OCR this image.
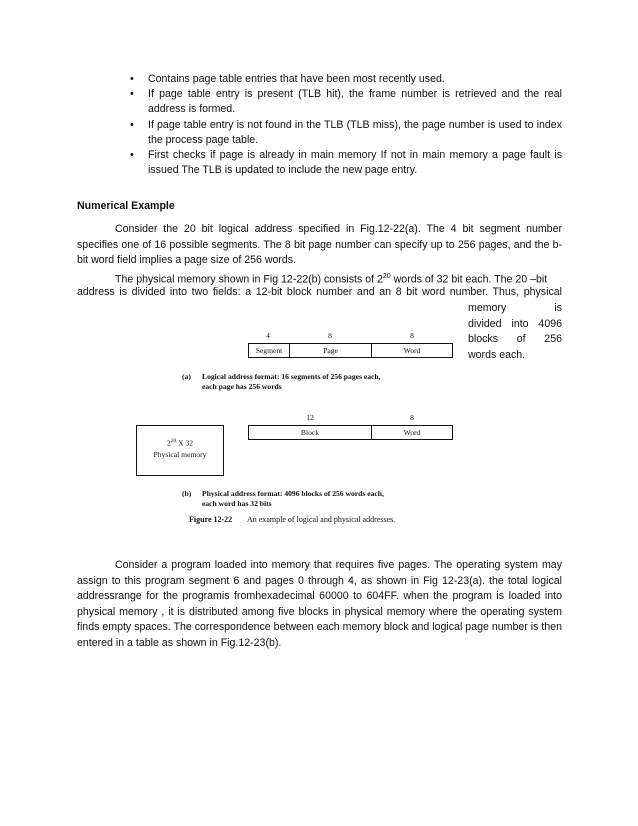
• Contains page table entries that have been most recently used.
• If page table entry is present (TLB hit), the frame number is retrieved and the real address is formed.
• If page table entry is not found in the TLB (TLB miss), the page number is used to index the process page table.
• First checks if page is already in main memory If not in main memory a page fault is issued The TLB is updated to include the new page entry.
Numerical Example

Consider the 20 bit logical address specified in Fig.12-22(a). The 4 bit segment number specifies one of 16 possible segments. The 8 bit page number can specify up to 256 pages, and the b-bit word field implies a page size of 256 words.

The physical memory shown in Fig 12-22(b) consists of $2^{20}$ words of 32 bit each. The 20 –bit
address is divided into two fields: a 12-bit block number and an 8 bit word number. Thus, physical
memory is
divided into 4096
blocks of 256
words each.
4	8	8
Segment	Page	Word
(a) Logical address format: 16 segments of 256 pages each,
each page has 256 words
12	8
Block	Word
$2^{20}$ X 32
Physical memory
(b) Physical address format: 4096 blocks of 256 words each,
each word has 32 bits
Figure 12-22 An example of logical and physical addresses.

Consider a program loaded into memory that requires five pages. The operating system may assign to this program segment 6 and pages 0 through 4, as shown in Fig 12-23(a). the total logical addressrange for the programis fromhexadecimal 60000 to 604FF. when the program is loaded into physical memory , it is distributed among five blocks in physical memory where the operating system finds empty spaces. The correspondence between each memory block and logical page number is then entered in a table as shown in Fig.12-23(b).
